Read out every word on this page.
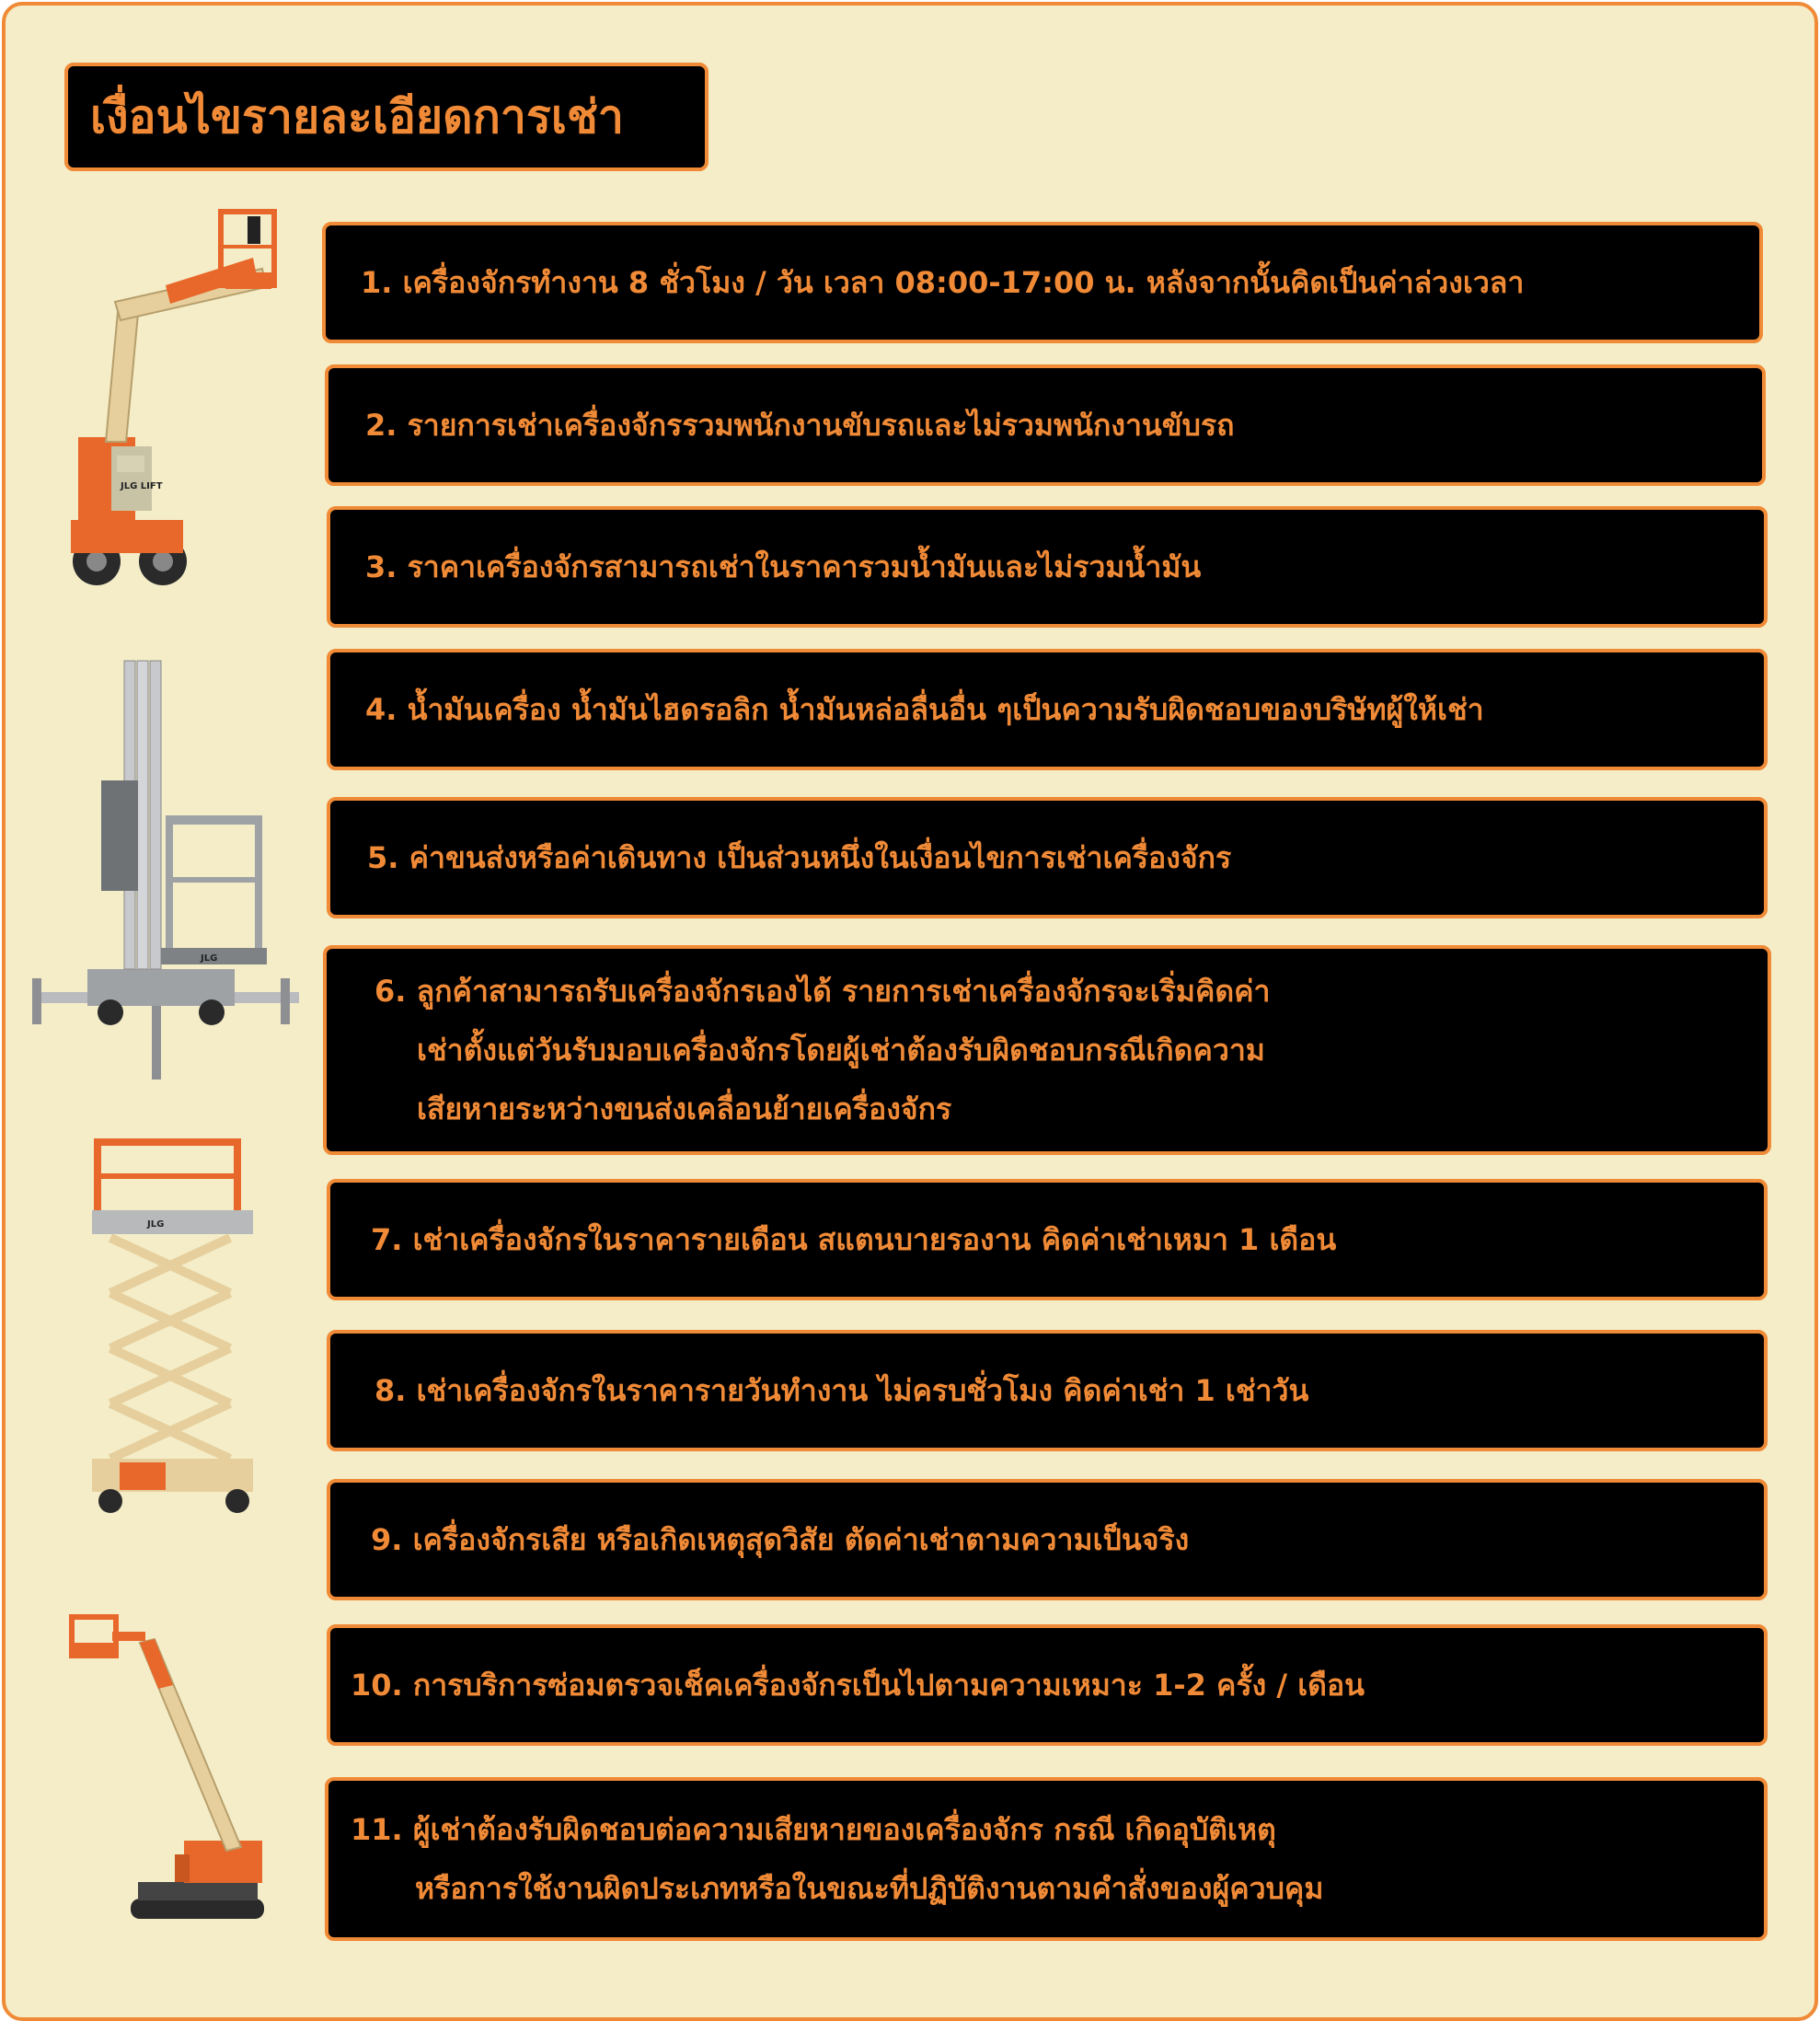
เงื่อนไขรายละเอียดการเช่า
1. เครื่องจักรทำงาน 8 ชั่วโมง / วัน เวลา 08:00-17:00 น. หลังจากนั้นคิดเป็นค่าล่วงเวลา
2. รายการเช่าเครื่องจักรรวมพนักงานขับรถและไม่รวมพนักงานขับรถ
3. ราคาเครื่องจักรสามารถเช่าในราคารวมน้ำมันและไม่รวมน้ำมัน
4. น้ำมันเครื่อง น้ำมันไฮดรอลิก น้ำมันหล่อลื่นอื่น ๆเป็นความรับผิดชอบของบริษัทผู้ให้เช่า
5. ค่าขนส่งหรือค่าเดินทาง เป็นส่วนหนึ่งในเงื่อนไขการเช่าเครื่องจักร
6. ลูกค้าสามารถรับเครื่องจักรเองได้ รายการเช่าเครื่องจักรจะเริ่มคิดค่า
เช่าตั้งแต่วันรับมอบเครื่องจักรโดยผู้เช่าต้องรับผิดชอบกรณีเกิดความ
เสียหายระหว่างขนส่งเคลื่อนย้ายเครื่องจักร
7. เช่าเครื่องจักรในราคารายเดือน สแตนบายรองาน คิดค่าเช่าเหมา 1 เดือน
8. เช่าเครื่องจักรในราคารายวันทำงาน ไม่ครบชั่วโมง คิดค่าเช่า 1 เช่าวัน
9. เครื่องจักรเสีย หรือเกิดเหตุสุดวิสัย ตัดค่าเช่าตามความเป็นจริง
10. การบริการซ่อมตรวจเช็คเครื่องจักรเป็นไปตามความเหมาะ 1-2 ครั้ง / เดือน
11. ผู้เช่าต้องรับผิดชอบต่อความเสียหายของเครื่องจักร กรณี เกิดอุบัติเหตุ
หรือการใช้งานผิดประเภทหรือในขณะที่ปฏิบัติงานตามคำสั่งของผู้ควบคุม
JLG LIFT
JLG
JLG
